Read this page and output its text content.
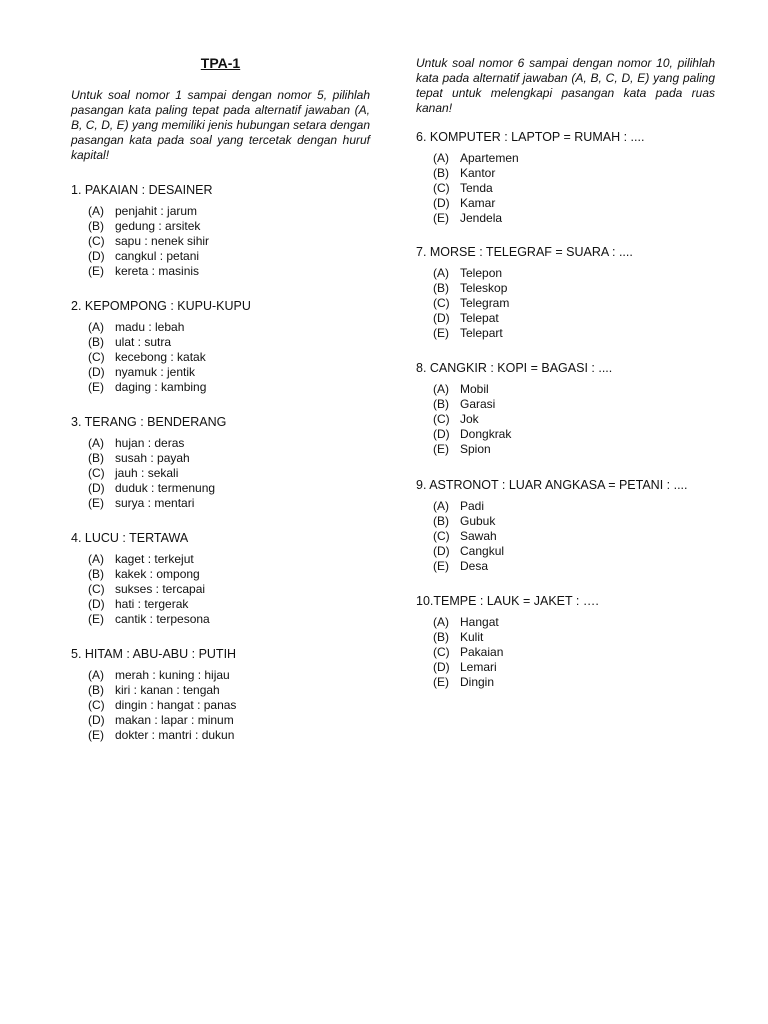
TPA-1

Untuk soal nomor 1 sampai dengan nomor 5, pilihlah pasangan kata paling tepat pada alternatif jawaban (A, B, C, D, E) yang memiliki jenis hubungan setara dengan pasangan kata pada soal yang tercetak dengan huruf kapital!

1. PAKAIAN : DESAINER
(A) penjahit : jarum
(B) gedung : arsitek
(C) sapu : nenek sihir
(D) cangkul : petani
(E) kereta : masinis
2. KEPOMPONG : KUPU-KUPU
(A) madu : lebah
(B) ulat : sutra
(C) kecebong : katak
(D) nyamuk : jentik
(E) daging : kambing
3. TERANG : BENDERANG
(A) hujan : deras
(B) susah : payah
(C) jauh : sekali
(D) duduk : termenung
(E) surya : mentari
4. LUCU : TERTAWA
(A) kaget : terkejut
(B) kakek : ompong
(C) sukses : tercapai
(D) hati : tergerak
(E) cantik : terpesona
5. HITAM : ABU-ABU : PUTIH
(A) merah : kuning : hijau
(B) kiri : kanan : tengah
(C) dingin : hangat : panas
(D) makan : lapar : minum
(E) dokter : mantri : dukun

Untuk soal nomor 6 sampai dengan nomor 10, pilihlah kata pada alternatif jawaban (A, B, C, D, E) yang paling tepat untuk melengkapi pasangan kata pada ruas kanan!

6. KOMPUTER : LAPTOP = RUMAH : ....
(A) Apartemen
(B) Kantor
(C) Tenda
(D) Kamar
(E) Jendela
7. MORSE : TELEGRAF = SUARA : ....
(A) Telepon
(B) Teleskop
(C) Telegram
(D) Telepat
(E) Telepart
8. CANGKIR : KOPI = BAGASI : ....
(A) Mobil
(B) Garasi
(C) Jok
(D) Dongkrak
(E) Spion
9. ASTRONOT : LUAR ANGKASA = PETANI : ....
(A) Padi
(B) Gubuk
(C) Sawah
(D) Cangkul
(E) Desa
10.TEMPE : LAUK = JAKET : ….
(A) Hangat
(B) Kulit
(C) Pakaian
(D) Lemari
(E) Dingin
